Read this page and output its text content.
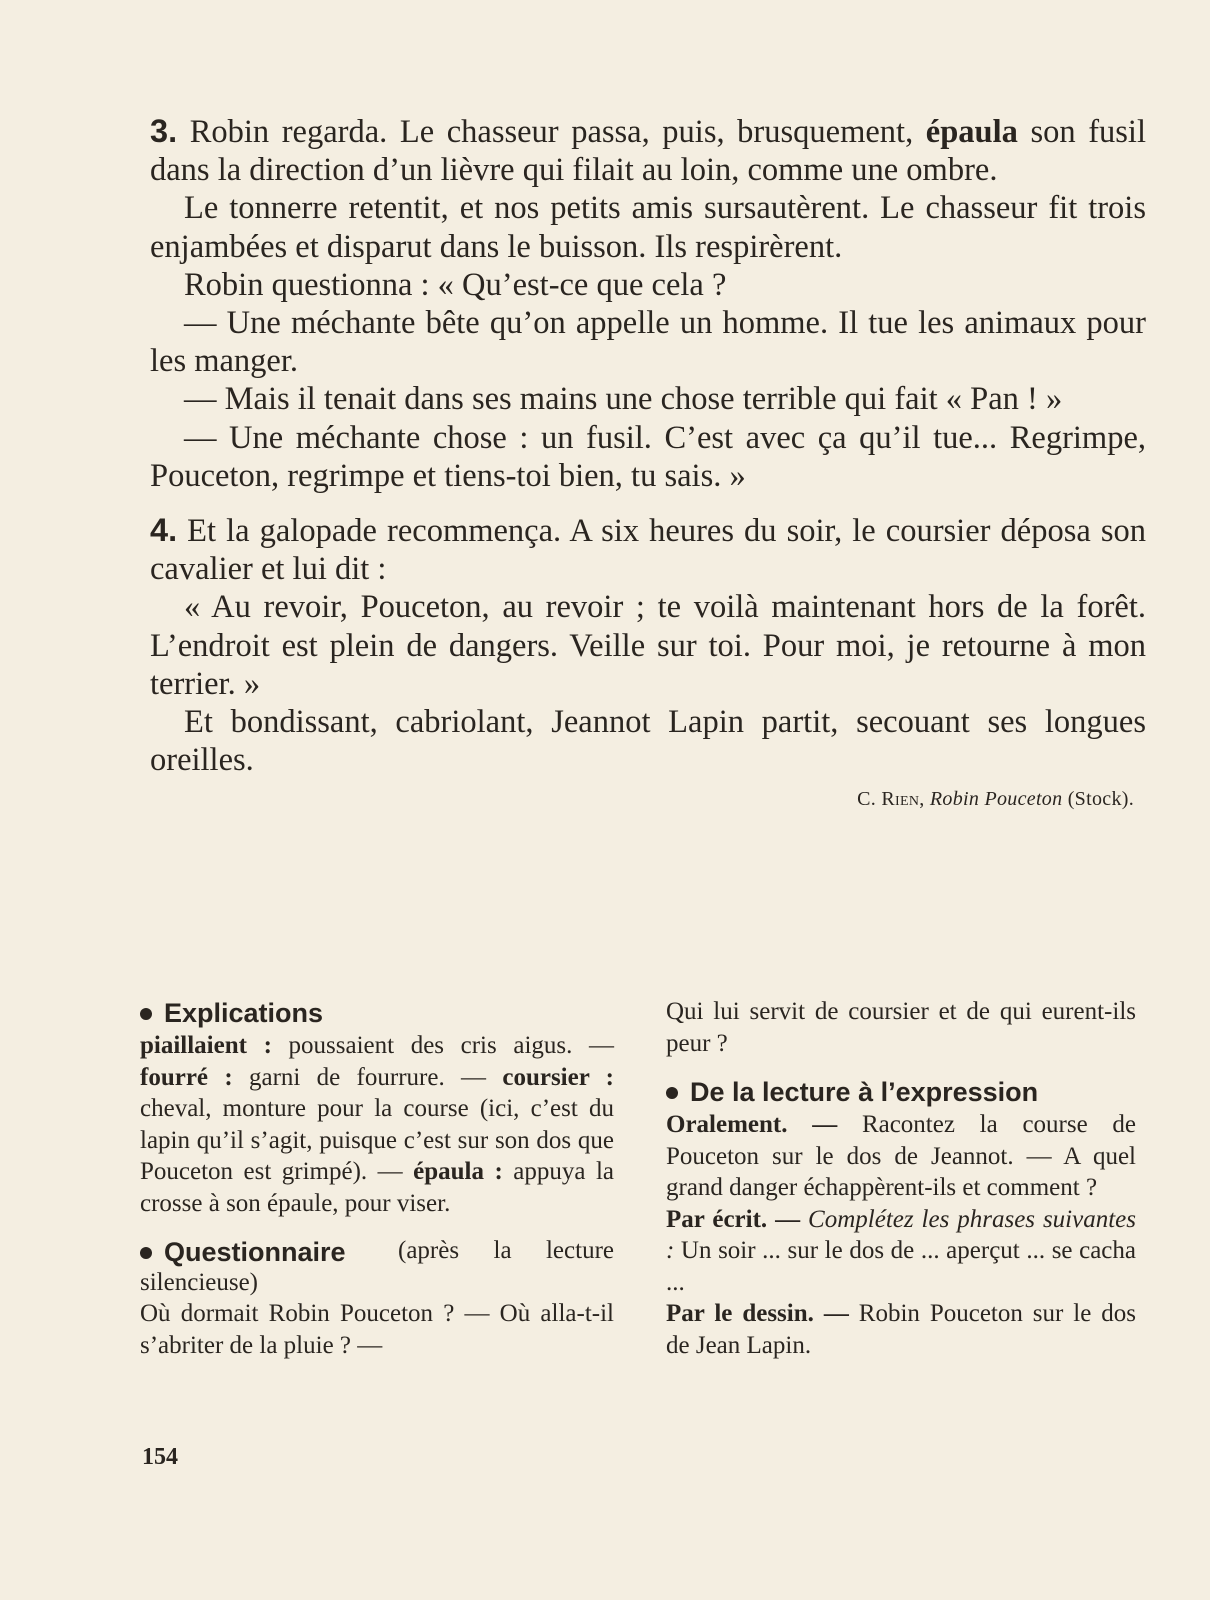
3. Robin regarda. Le chasseur passa, puis, brusquement, épaula son fusil dans la direction d’un lièvre qui filait au loin, comme une ombre.

Le tonnerre retentit, et nos petits amis sursautèrent. Le chasseur fit trois enjambées et disparut dans le buisson. Ils respirèrent.

Robin questionna : « Qu’est-ce que cela ?

— Une méchante bête qu’on appelle un homme. Il tue les animaux pour les manger.

— Mais il tenait dans ses mains une chose terrible qui fait « Pan ! »

— Une méchante chose : un fusil. C’est avec ça qu’il tue... Regrimpe, Pouceton, regrimpe et tiens-toi bien, tu sais. »

4. Et la galopade recommença. A six heures du soir, le coursier déposa son cavalier et lui dit :

« Au revoir, Pouceton, au revoir ; te voilà maintenant hors de la forêt. L’endroit est plein de dangers. Veille sur toi. Pour moi, je retourne à mon terrier. »

Et bondissant, cabriolant, Jeannot Lapin partit, secouant ses longues oreilles.

C. Rien, Robin Pouceton (Stock).
Explications

piaillaient : poussaient des cris aigus. — fourré : garni de fourrure. — coursier : cheval, monture pour la course (ici, c’est du lapin qu’il s’agit, puisque c’est sur son dos que Pouceton est grimpé). — épaula : appuya la crosse à son épaule, pour viser.

Questionnaire	(après la lecture silencieuse)

Où dormait Robin Pouceton ? — Où alla-t-il s’abriter de la pluie ? —

Qui lui servit de coursier et de qui eurent-ils peur ?

De la lecture à l’expression

Oralement. — Racontez la course de Pouceton sur le dos de Jeannot. — A quel grand danger échappèrent-ils et comment ?

Par écrit. — Complétez les phrases suivantes : Un soir ... sur le dos de ... aperçut ... se cacha ...

Par le dessin. — Robin Pouceton sur le dos de Jean Lapin.

154
